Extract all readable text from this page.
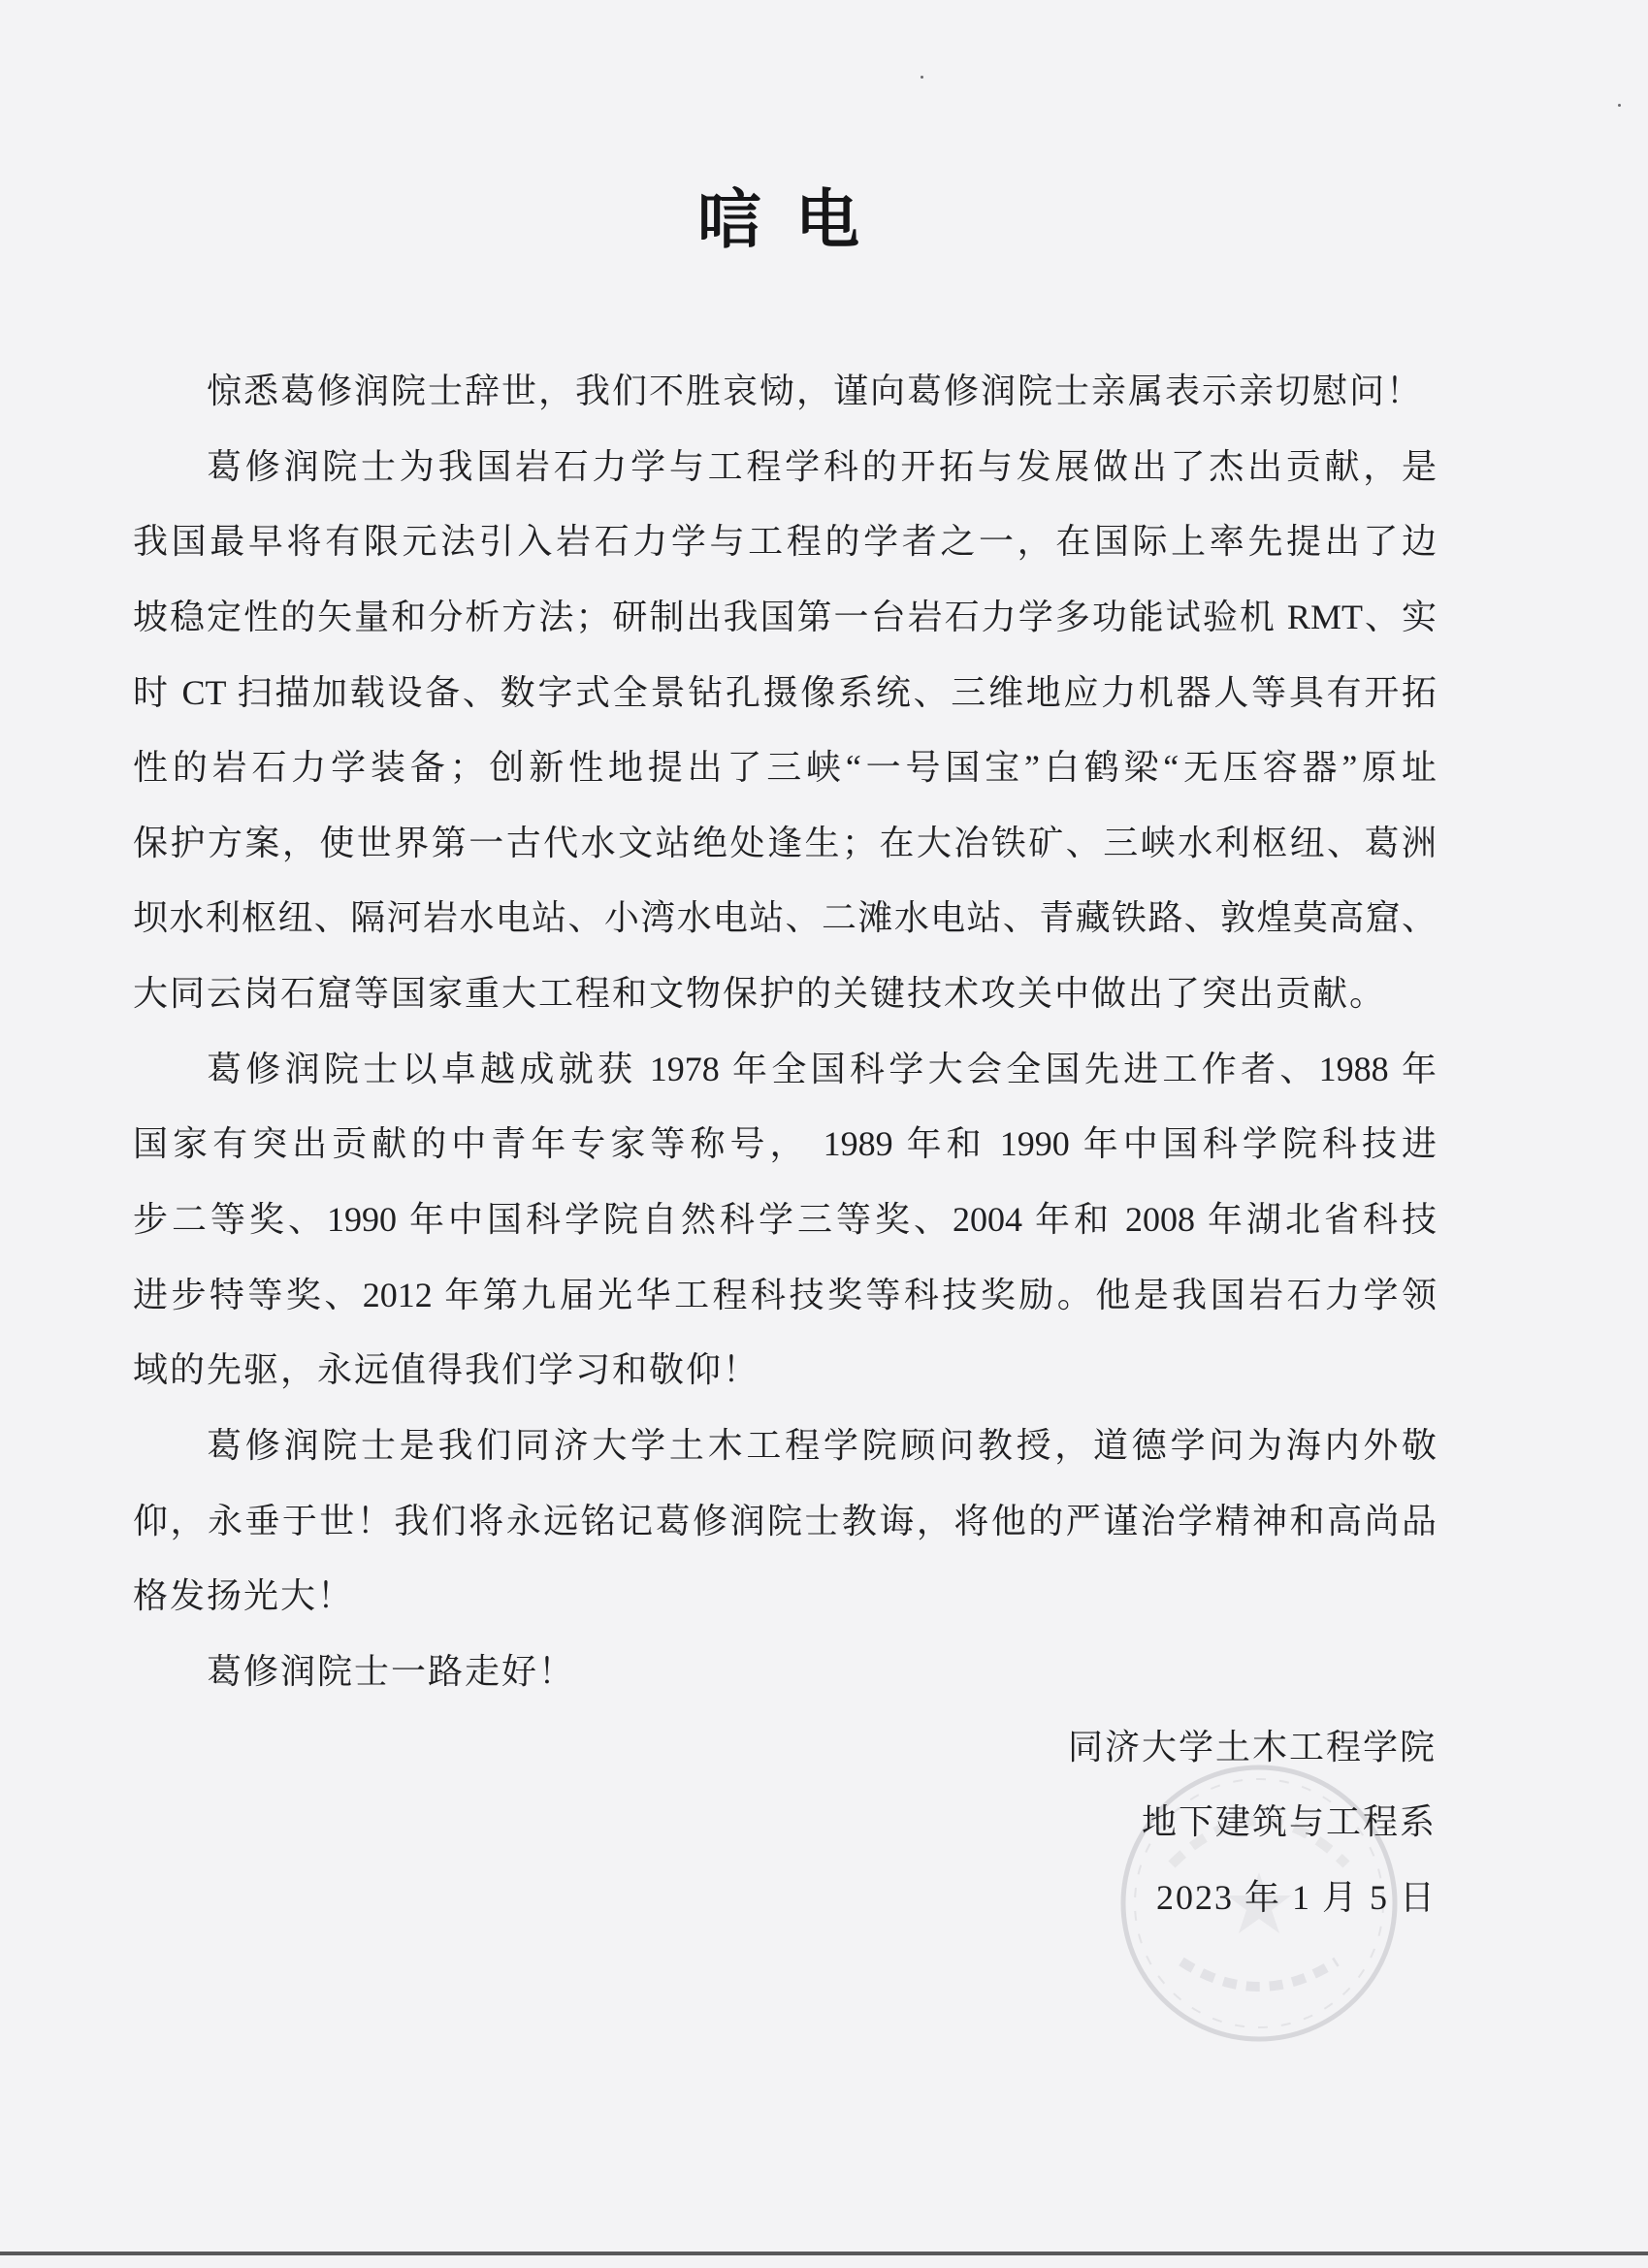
唁电
惊悉葛修润院士辞世，我们不胜哀恸，谨向葛修润院士亲属表示亲切慰问！
葛修润院士为我国岩石力学与工程学科的开拓与发展做出了杰出贡献，是
我国最早将有限元法引入岩石力学与工程的学者之一，在国际上率先提出了边
坡稳定性的矢量和分析方法；研制出我国第一台岩石力学多功能试验机 RMT、实
时 CT 扫描加载设备、数字式全景钻孔摄像系统、三维地应力机器人等具有开拓
性的岩石力学装备；创新性地提出了三峡“一号国宝”白鹤梁“无压容器”原址
保护方案，使世界第一古代水文站绝处逢生；在大冶铁矿、三峡水利枢纽、葛洲
坝水利枢纽、隔河岩水电站、小湾水电站、二滩水电站、青藏铁路、敦煌莫高窟、
大同云岗石窟等国家重大工程和文物保护的关键技术攻关中做出了突出贡献。
葛修润院士以卓越成就获 1978 年全国科学大会全国先进工作者、1988 年
国家有突出贡献的中青年专家等称号， 1989 年和 1990 年中国科学院科技进
步二等奖、1990 年中国科学院自然科学三等奖、2004 年和 2008 年湖北省科技
进步特等奖、2012 年第九届光华工程科技奖等科技奖励。他是我国岩石力学领
域的先驱，永远值得我们学习和敬仰！
葛修润院士是我们同济大学土木工程学院顾问教授，道德学问为海内外敬
仰，永垂于世！我们将永远铭记葛修润院士教诲，将他的严谨治学精神和高尚品
格发扬光大！
葛修润院士一路走好！
同济大学土木工程学院
地下建筑与工程系
2023 年 1 月 5 日
